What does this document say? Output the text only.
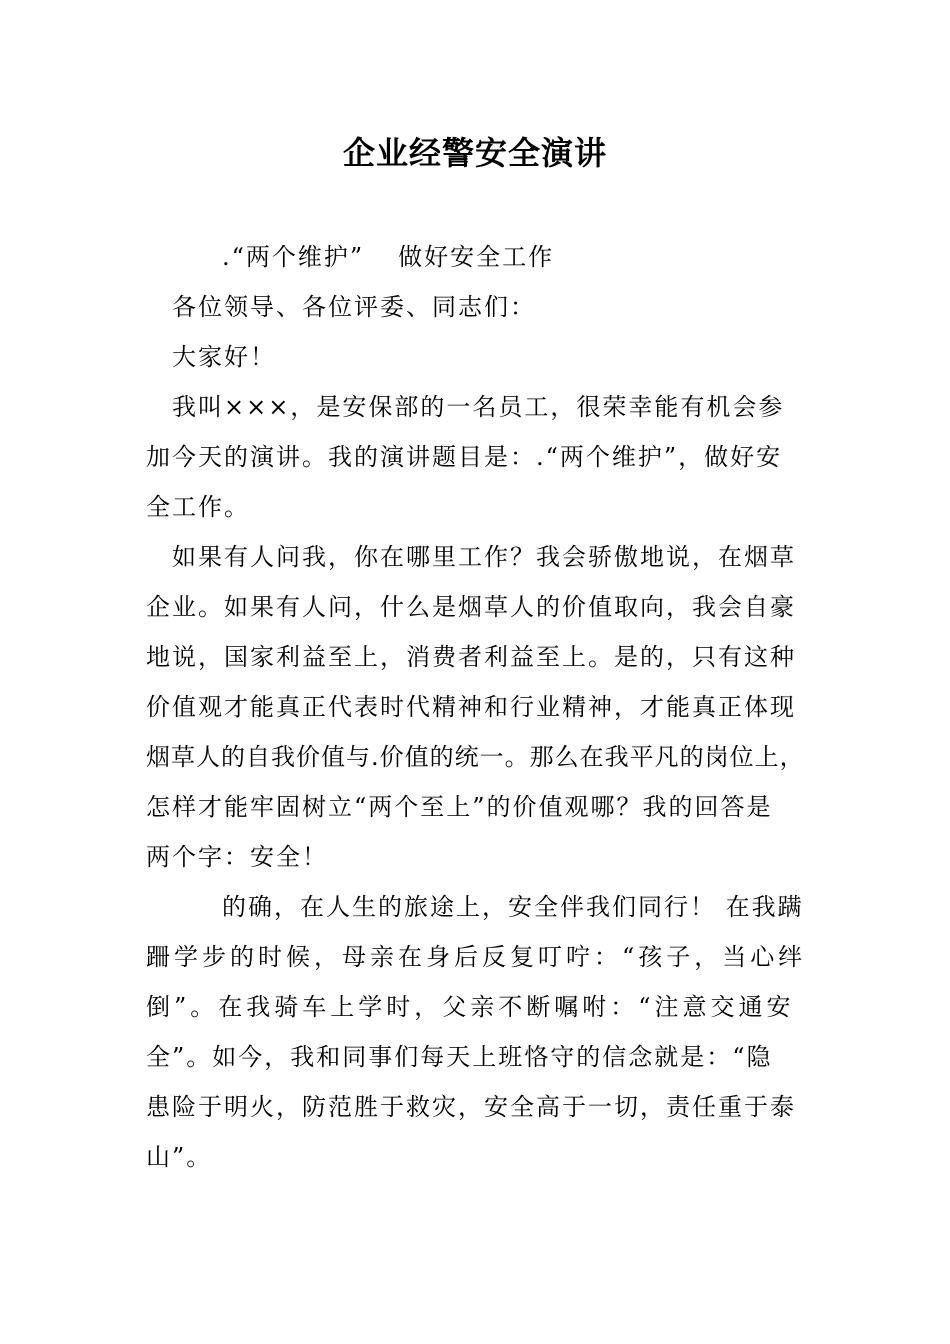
企业经警安全演讲
.“两个维护” 做好安全工作
各位领导、各位评委、同志们：
大家好！
我叫×××，是安保部的一名员工，很荣幸能有机会参
加今天的演讲。我的演讲题目是：.“两个维护”，做好安
全工作。
如果有人问我，你在哪里工作？我会骄傲地说，在烟草
企业。如果有人问，什么是烟草人的价值取向，我会自豪
地说，国家利益至上，消费者利益至上。是的，只有这种
价值观才能真正代表时代精神和行业精神，才能真正体现
烟草人的自我价值与.价值的统一。那么在我平凡的岗位上，
怎样才能牢固树立“两个至上”的价值观哪？我的回答是
两个字：安全！
的确，在人生的旅途上，安全伴我们同行！ 在我蹒
跚学步的时候，母亲在身后反复叮咛：“孩子，当心绊
倒”。在我骑车上学时，父亲不断嘱咐：“注意交通安
全”。如今，我和同事们每天上班恪守的信念就是：“隐
患险于明火，防范胜于救灾，安全高于一切，责任重于泰
山”。
